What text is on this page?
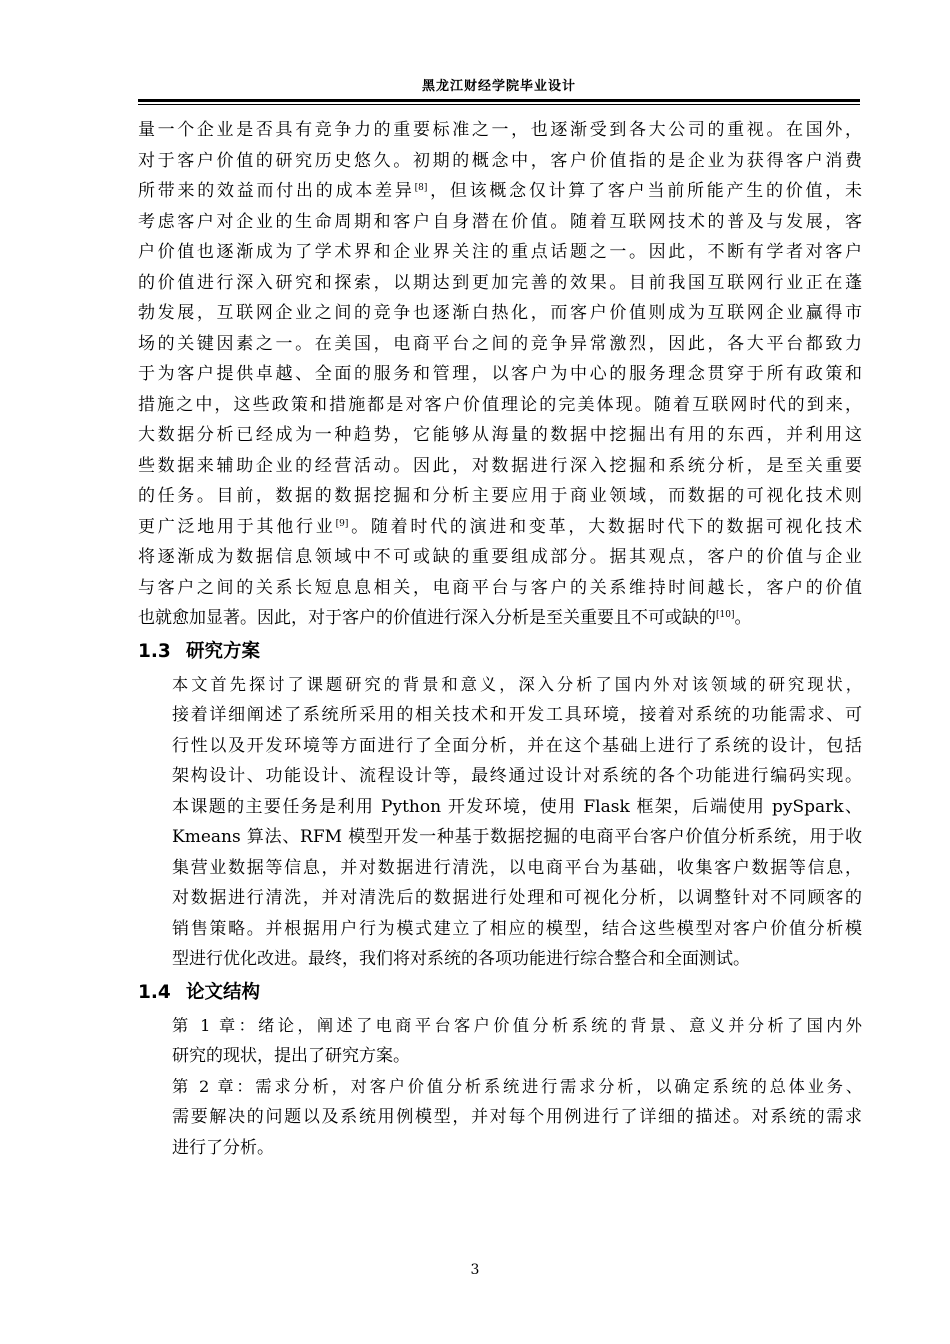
黑龙江财经学院毕业设计

量一个企业是否具有竞争力的重要标准之一，也逐渐受到各大公司的重视。在国外，
对于客户价值的研究历史悠久。初期的概念中，客户价值指的是企业为获得客户消费
所带来的效益而付出的成本差异[8]，但该概念仅计算了客户当前所能产生的价值，未
考虑客户对企业的生命周期和客户自身潜在价值。随着互联网技术的普及与发展，客
户价值也逐渐成为了学术界和企业界关注的重点话题之一。因此，不断有学者对客户
的价值进行深入研究和探索，以期达到更加完善的效果。目前我国互联网行业正在蓬
勃发展，互联网企业之间的竞争也逐渐白热化，而客户价值则成为互联网企业赢得市
场的关键因素之一。在美国，电商平台之间的竞争异常激烈，因此，各大平台都致力
于为客户提供卓越、全面的服务和管理，以客户为中心的服务理念贯穿于所有政策和
措施之中，这些政策和措施都是对客户价值理论的完美体现。随着互联网时代的到来，
大数据分析已经成为一种趋势，它能够从海量的数据中挖掘出有用的东西，并利用这
些数据来辅助企业的经营活动。因此，对数据进行深入挖掘和系统分析，是至关重要
的任务。目前，数据的数据挖掘和分析主要应用于商业领域，而数据的可视化技术则
更广泛地用于其他行业[9]。随着时代的演进和变革，大数据时代下的数据可视化技术
将逐渐成为数据信息领域中不可或缺的重要组成部分。据其观点，客户的价值与企业
与客户之间的关系长短息息相关，电商平台与客户的关系维持时间越长，客户的价值
也就愈加显著。因此，对于客户的价值进行深入分析是至关重要且不可或缺的[10]。

1.3 研究方案

本文首先探讨了课题研究的背景和意义，深入分析了国内外对该领域的研究现状，
接着详细阐述了系统所采用的相关技术和开发工具环境，接着对系统的功能需求、可
行性以及开发环境等方面进行了全面分析，并在这个基础上进行了系统的设计，包括
架构设计、功能设计、流程设计等，最终通过设计对系统的各个功能进行编码实现。
本课题的主要任务是利用 Python 开发环境，使用 Flask 框架，后端使用 pySpark、
Kmeans 算法、RFM 模型开发一种基于数据挖掘的电商平台客户价值分析系统，用于收
集营业数据等信息，并对数据进行清洗，以电商平台为基础，收集客户数据等信息，
对数据进行清洗，并对清洗后的数据进行处理和可视化分析，以调整针对不同顾客的
销售策略。并根据用户行为模式建立了相应的模型，结合这些模型对客户价值分析模
型进行优化改进。最终，我们将对系统的各项功能进行综合整合和全面测试。

1.4 论文结构

第 1 章：绪论，阐述了电商平台客户价值分析系统的背景、意义并分析了国内外
研究的现状，提出了研究方案。

第 2 章：需求分析，对客户价值分析系统进行需求分析，以确定系统的总体业务、
需要解决的问题以及系统用例模型，并对每个用例进行了详细的描述。对系统的需求
进行了分析。

3
